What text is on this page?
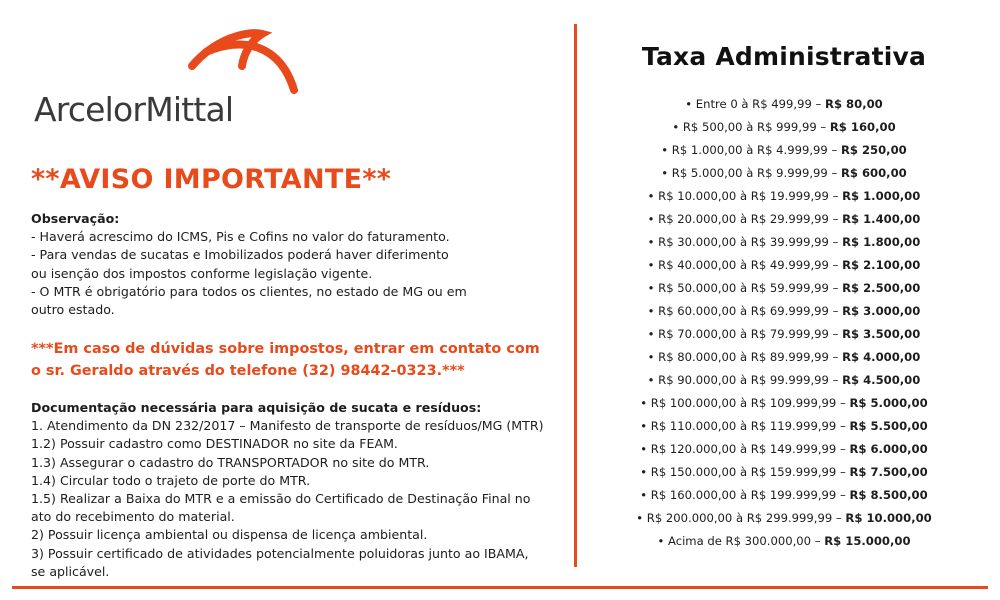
ArcelorMittal
**AVISO IMPORTANTE**
Observação:
- Haverá acrescimo do ICMS, Pis e Cofins no valor do faturamento.
- Para vendas de sucatas e Imobilizados poderá haver diferimento
ou isenção dos impostos conforme legislação vigente.
- O MTR é obrigatório para todos os clientes, no estado de MG ou em
outro estado.
***Em caso de dúvidas sobre impostos, entrar em contato com
o sr. Geraldo através do telefone (32) 98442-0323.***
Documentação necessária para aquisição de sucata e resíduos:
1. Atendimento da DN 232/2017 – Manifesto de transporte de resíduos/MG (MTR)
1.2) Possuir cadastro como DESTINADOR no site da FEAM.
1.3) Assegurar o cadastro do TRANSPORTADOR no site do MTR.
1.4) Circular todo o trajeto de porte do MTR.
1.5) Realizar a Baixa do MTR e a emissão do Certificado de Destinação Final no
ato do recebimento do material.
2) Possuir licença ambiental ou dispensa de licença ambiental.
3) Possuir certificado de atividades potencialmente poluidoras junto ao IBAMA,
se aplicável.
Taxa Administrativa
• Entre 0 à R$ 499,99 – R$ 80,00
• R$ 500,00 à R$ 999,99 – R$ 160,00
• R$ 1.000,00 à R$ 4.999,99 – R$ 250,00
• R$ 5.000,00 à R$ 9.999,99 – R$ 600,00
• R$ 10.000,00 à R$ 19.999,99 – R$ 1.000,00
• R$ 20.000,00 à R$ 29.999,99 – R$ 1.400,00
• R$ 30.000,00 à R$ 39.999,99 – R$ 1.800,00
• R$ 40.000,00 à R$ 49.999,99 – R$ 2.100,00
• R$ 50.000,00 à R$ 59.999,99 – R$ 2.500,00
• R$ 60.000,00 à R$ 69.999,99 – R$ 3.000,00
• R$ 70.000,00 à R$ 79.999,99 – R$ 3.500,00
• R$ 80.000,00 à R$ 89.999,99 – R$ 4.000,00
• R$ 90.000,00 à R$ 99.999,99 – R$ 4.500,00
• R$ 100.000,00 à R$ 109.999,99 – R$ 5.000,00
• R$ 110.000,00 à R$ 119.999,99 – R$ 5.500,00
• R$ 120.000,00 à R$ 149.999,99 – R$ 6.000,00
• R$ 150.000,00 à R$ 159.999,99 – R$ 7.500,00
• R$ 160.000,00 à R$ 199.999,99 – R$ 8.500,00
• R$ 200.000,00 à R$ 299.999,99 – R$ 10.000,00
• Acima de R$ 300.000,00 – R$ 15.000,00
